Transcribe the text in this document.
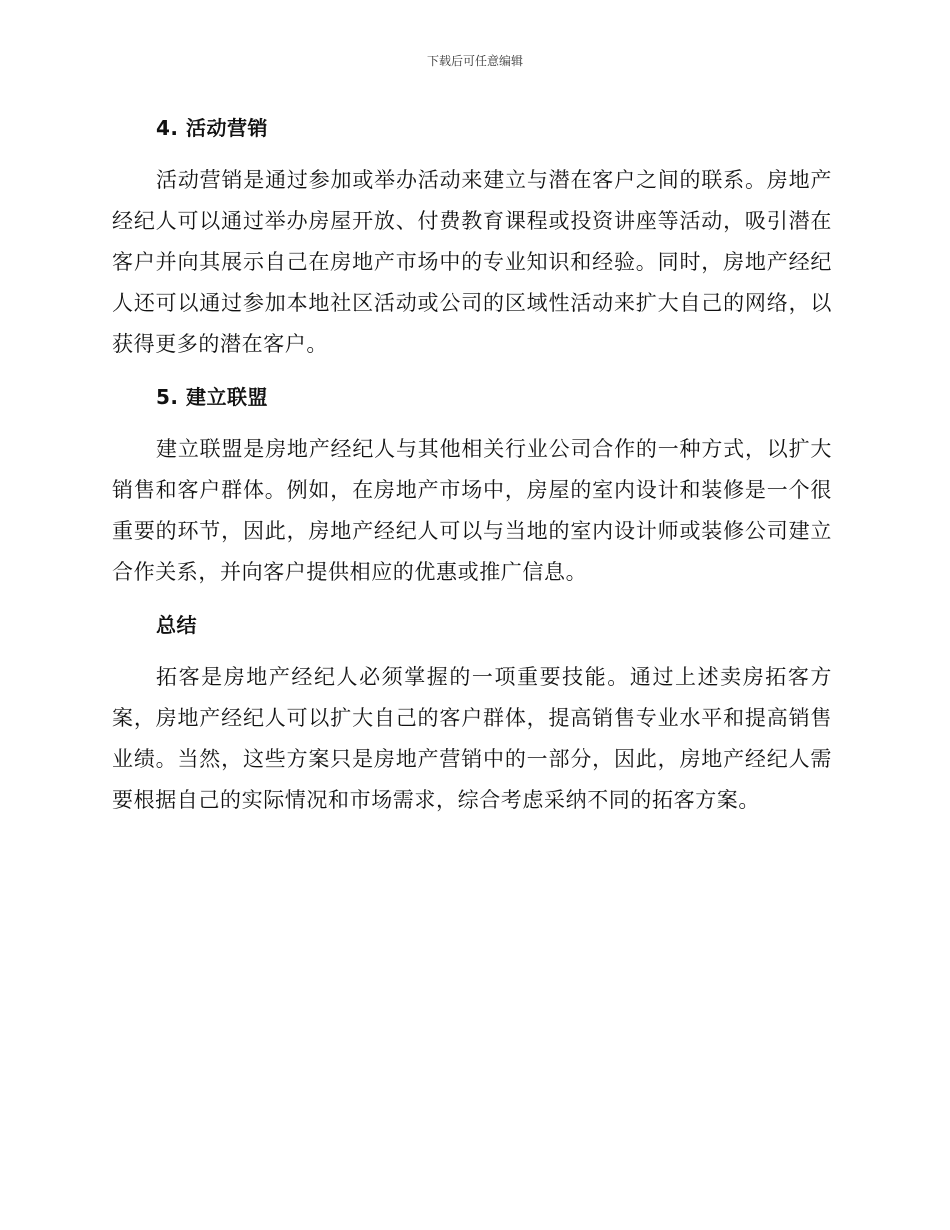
下载后可任意编辑
4. 活动营销

活动营销是通过参加或举办活动来建立与潜在客户之间的联系。房地产经纪人可以通过举办房屋开放、付费教育课程或投资讲座等活动，吸引潜在客户并向其展示自己在房地产市场中的专业知识和经验。同时，房地产经纪人还可以通过参加本地社区活动或公司的区域性活动来扩大自己的网络，以获得更多的潜在客户。

5. 建立联盟

建立联盟是房地产经纪人与其他相关行业公司合作的一种方式，以扩大销售和客户群体。例如，在房地产市场中，房屋的室内设计和装修是一个很重要的环节，因此，房地产经纪人可以与当地的室内设计师或装修公司建立合作关系，并向客户提供相应的优惠或推广信息。

总结

拓客是房地产经纪人必须掌握的一项重要技能。通过上述卖房拓客方案，房地产经纪人可以扩大自己的客户群体，提高销售专业水平和提高销售业绩。当然，这些方案只是房地产营销中的一部分，因此，房地产经纪人需要根据自己的实际情况和市场需求，综合考虑采纳不同的拓客方案。
